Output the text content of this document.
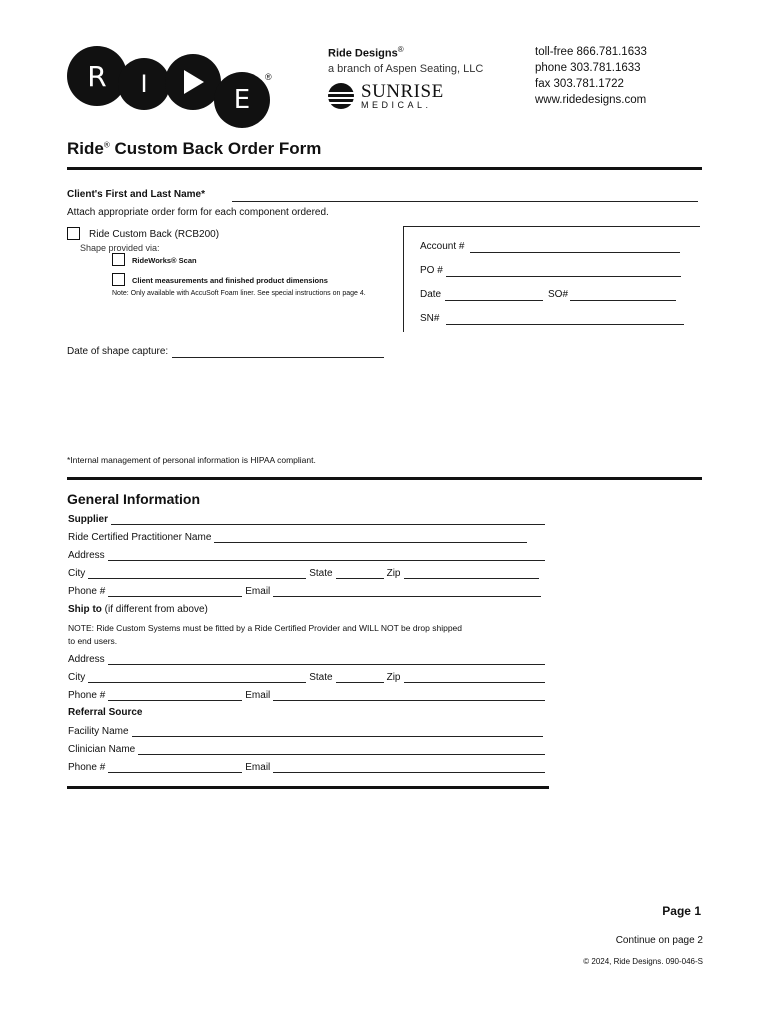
R	I
E
®
Ride Designs®
a branch of Aspen Seating, LLC
SUNRISE
MEDICAL.
toll-free 866.781.1633
phone 303.781.1633
fax 303.781.1722
www.ridedesigns.com
Ride® Custom Back Order Form
Client's First and Last Name*
Attach appropriate order form for each component ordered.
Ride Custom Back (RCB200)
Shape provided via:
RideWorks® Scan
Client measurements and finished product dimensions
Note: Only available with AccuSoft Foam liner. See special instructions on page 4.
Account #
PO #
Date	SO#
SN#
Date of shape capture:
*Internal management of personal information is HIPAA compliant.
General Information
Supplier
Ride Certified Practitioner Name
Address
City	State	Zip
Phone #	Email
Ship to (if different from above)
NOTE: Ride Custom Systems must be fitted by a Ride Certified Provider and WILL NOT be drop shipped
to end users.
Address
City	State	Zip
Phone #	Email
Referral Source
Facility Name
Clinician Name
Phone #	Email
Page 1
Continue on page 2
© 2024, Ride Designs. 090-046-S
